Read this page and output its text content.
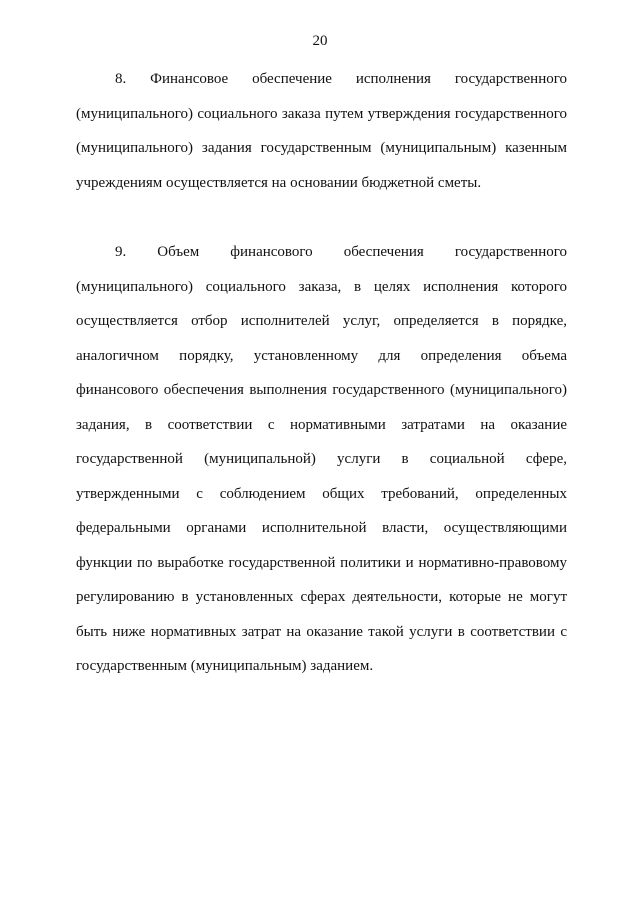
20

8. Финансовое обеспечение исполнения государственного (муниципального) социального заказа путем утверждения государственного (муниципального) задания государственным (муниципальным) казенным учреждениям осуществляется на основании бюджетной сметы.

9. Объем финансового обеспечения государственного (муниципального) социального заказа, в целях исполнения которого осуществляется отбор исполнителей услуг, определяется в порядке, аналогичном порядку, установленному для определения объема финансового обеспечения выполнения государственного (муниципального) задания, в соответствии с нормативными затратами на оказание государственной (муниципальной) услуги в социальной сфере, утвержденными с соблюдением общих требований, определенных федеральными органами исполнительной власти, осуществляющими функции по выработке государственной политики и нормативно-правовому регулированию в установленных сферах деятельности, которые не могут быть ниже нормативных затрат на оказание такой услуги в соответствии с государственным (муниципальным) заданием.
